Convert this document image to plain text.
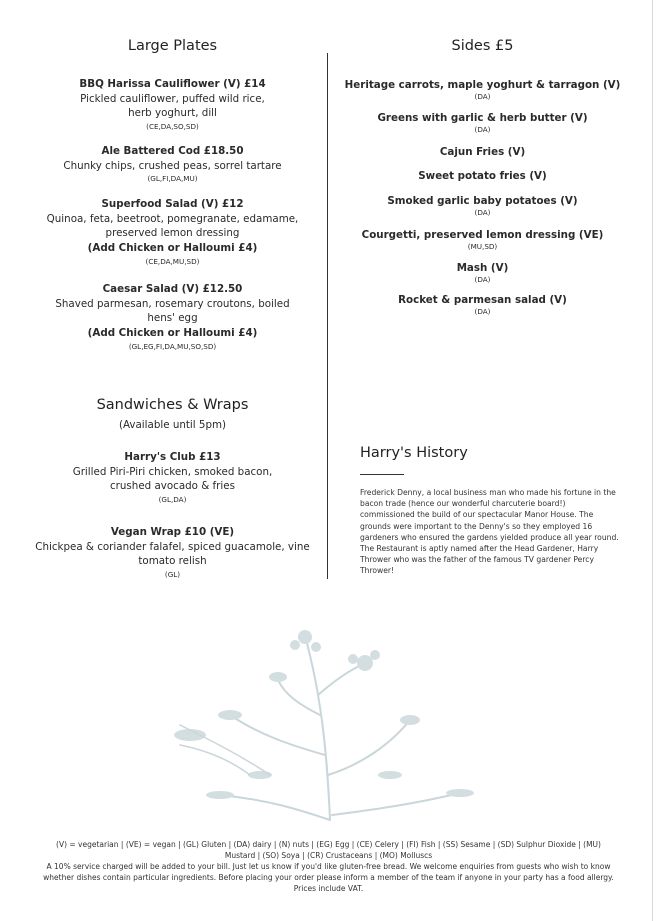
Large Plates
BBQ Harissa Cauliflower (V) £14
Pickled cauliflower, puffed wild rice,
herb yoghurt, dill
(CE,DA,SO,SD)
Ale Battered Cod £18.50
Chunky chips, crushed peas, sorrel tartare
(GL,FI,DA,MU)
Superfood Salad (V) £12
Quinoa, feta, beetroot, pomegranate, edamame,
preserved lemon dressing
(Add Chicken or Halloumi £4)
(CE,DA,MU,SD)
Caesar Salad (V) £12.50
Shaved parmesan, rosemary croutons, boiled
hens' egg
(Add Chicken or Halloumi £4)
(GL,EG,FI,DA,MU,SO,SD)
Sandwiches & Wraps
(Available until 5pm)
Harry's Club £13
Grilled Piri-Piri chicken, smoked bacon,
crushed avocado & fries
(GL,DA)
Vegan Wrap £10 (VE)
Chickpea & coriander falafel, spiced guacamole, vine
tomato relish
(GL)
Sides £5
Heritage carrots, maple yoghurt & tarragon (V)
(DA)
Greens with garlic & herb butter (V)
(DA)
Cajun Fries (V)
Sweet potato fries (V)
Smoked garlic baby potatoes (V)
(DA)
Courgetti, preserved lemon dressing (VE)
(MU,SD)
Mash (V)
(DA)
Rocket & parmesan salad (V)
(DA)
Harry's History
Frederick Denny, a local business man who made his fortune in the bacon trade (hence our wonderful charcuterie board!) commissioned the build of our spectacular Manor House. The grounds were important to the Denny's so they employed 16 gardeners who ensured the gardens yielded produce all year round. The Restaurant is aptly named after the Head Gardener, Harry Thrower who was the father of the famous TV gardener Percy Thrower!
(V) = vegetarian | (VE) = vegan | (GL) Gluten | (DA) dairy | (N) nuts | (EG) Egg | (CE) Celery | (FI) Fish | (SS) Sesame | (SD) Sulphur Dioxide | (MU) Mustard | (SO) Soya | (CR) Crustaceans | (MO) Molluscs
A 10% service charged will be added to your bill. Just let us know if you'd like gluten-free bread. We welcome enquiries from guests who wish to know whether dishes contain particular ingredients. Before placing your order please inform a member of the team if anyone in your party has a food allergy. Prices include VAT.
